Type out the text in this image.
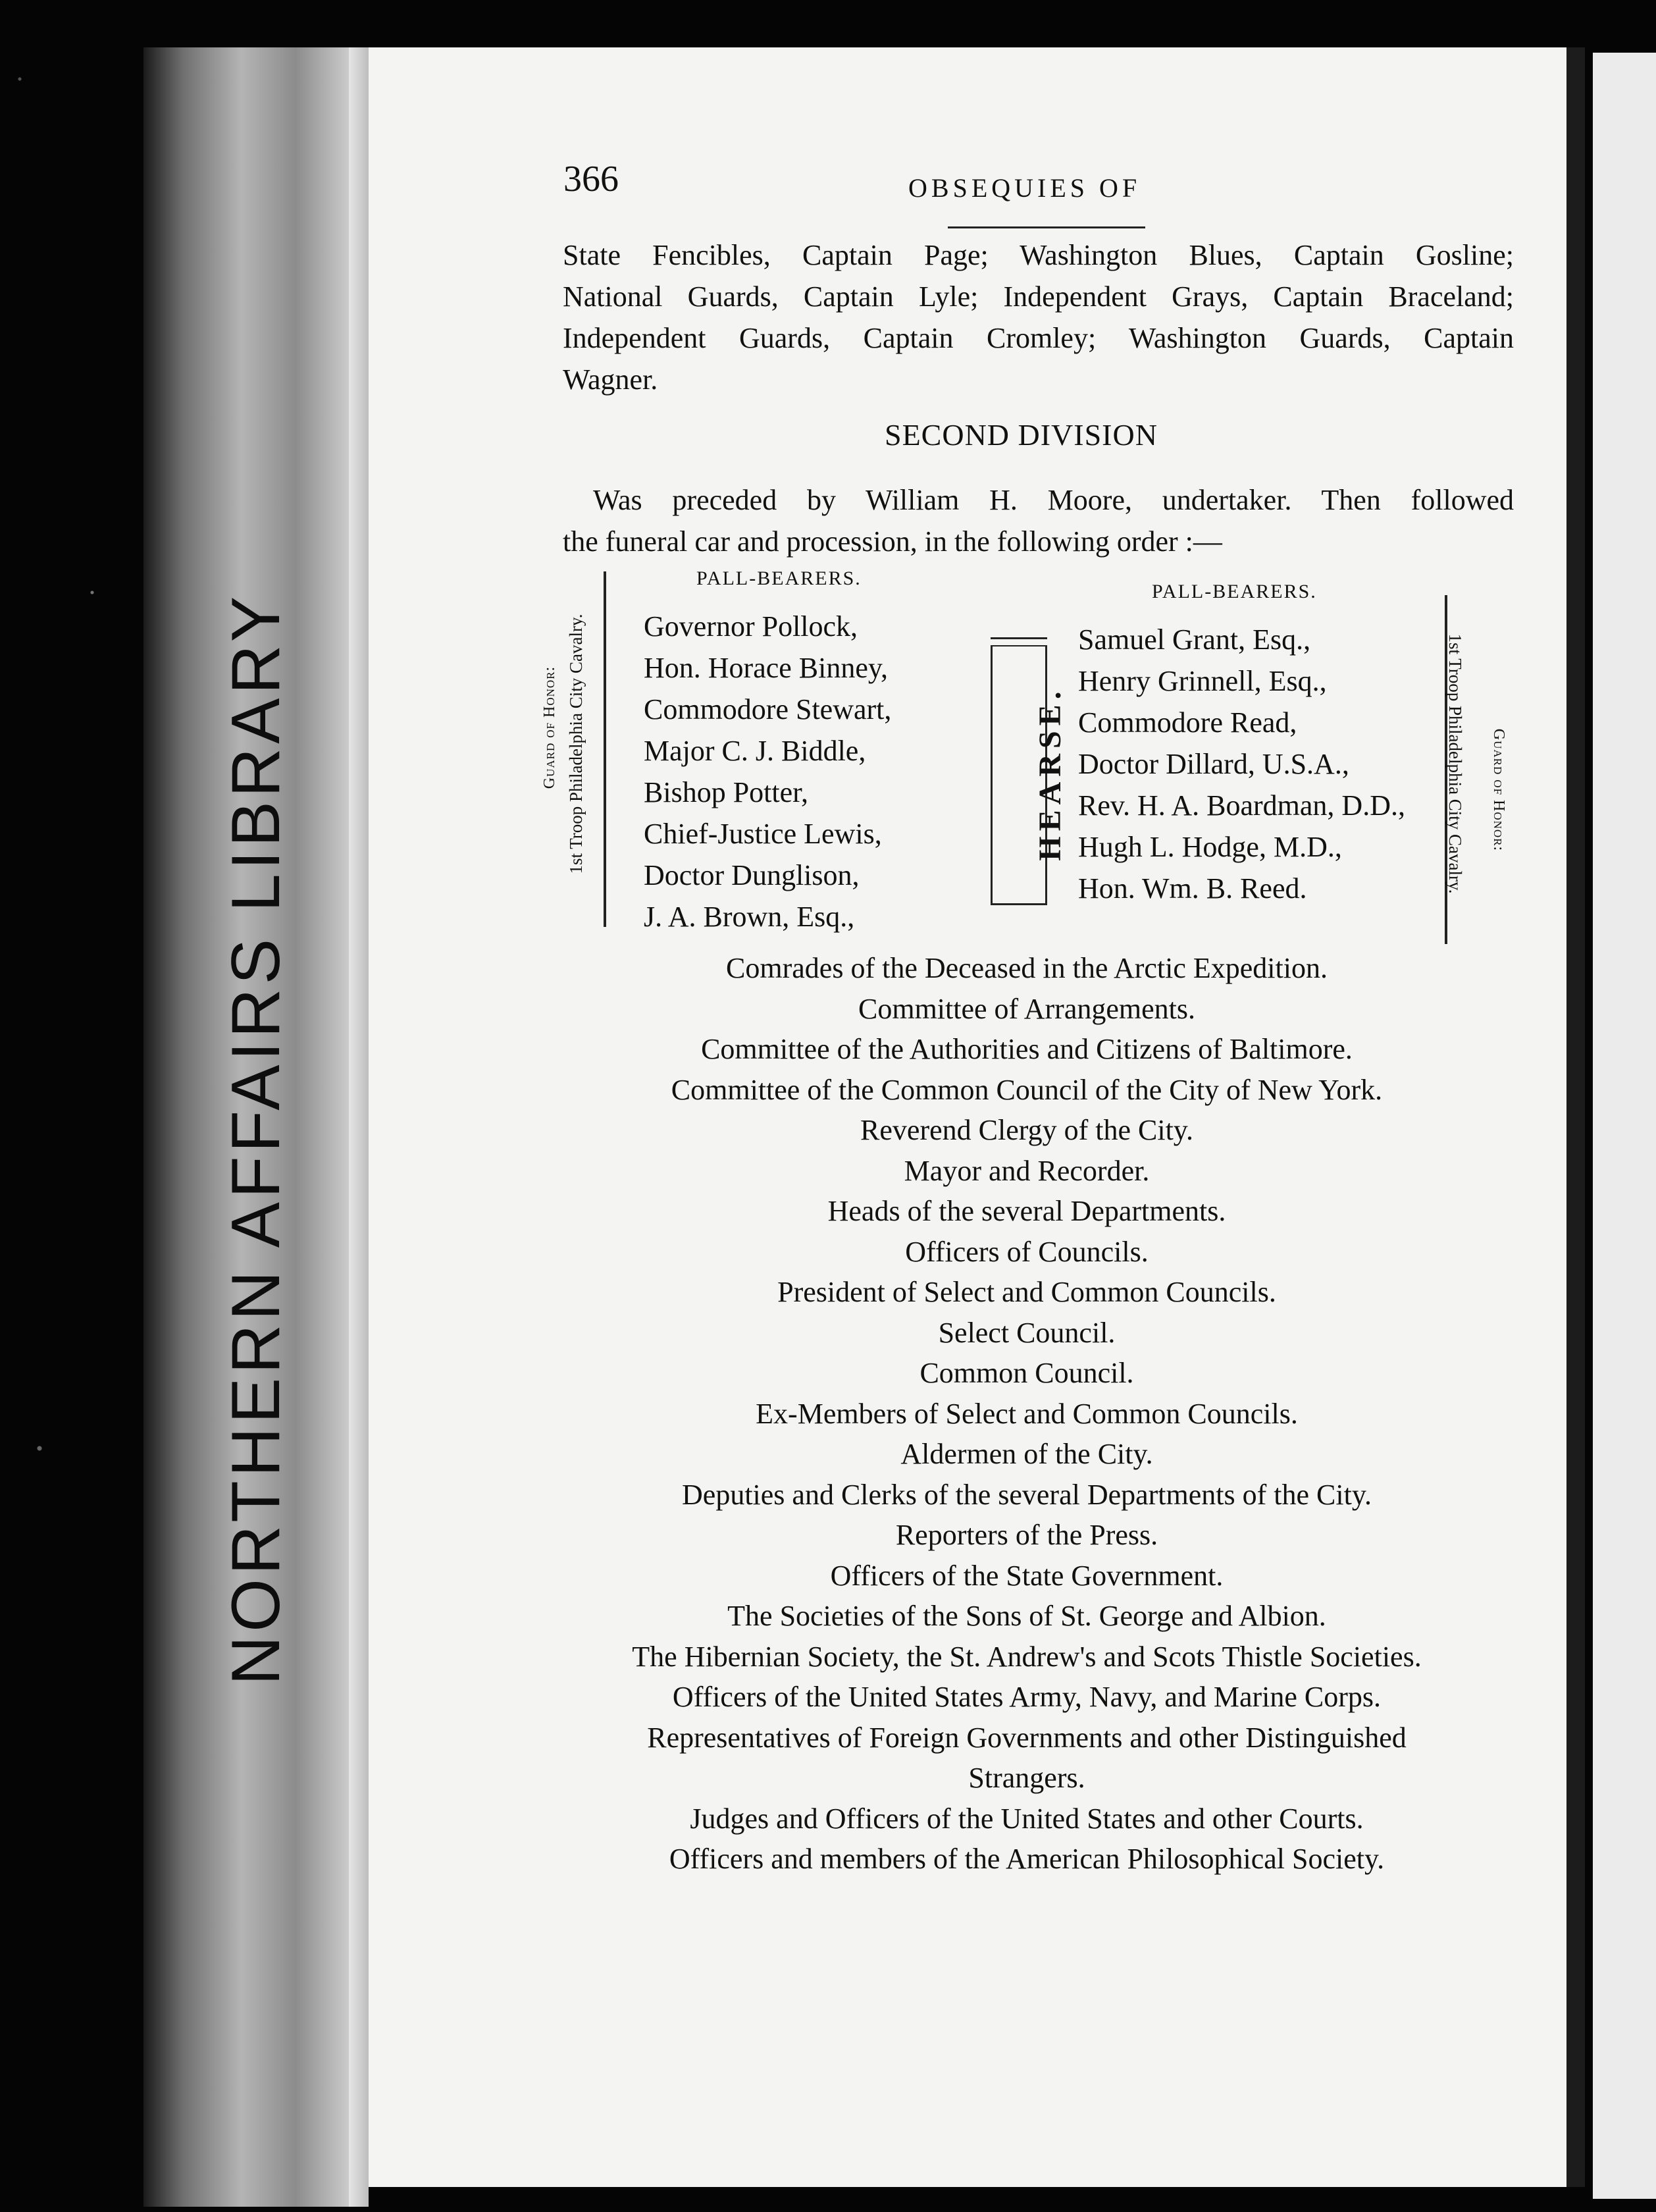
NORTHERN AFFAIRS LIBRARY
366	OBSEQUIES OF
State Fencibles, Captain Page; Washington Blues, Captain Gosline;
National Guards, Captain Lyle; Independent Grays, Captain Braceland;
Independent Guards, Captain Cromley; Washington Guards, Captain
Wagner.
SECOND DIVISION
Was preceded by William H. Moore, undertaker. Then followed
the funeral car and procession, in the following order :—
Guard of Honor: 1st Troop Philadelphia City Cavalry.
PALL-BEARERS.
Governor Pollock,
Hon. Horace Binney,
Commodore Stewart,
Major C. J. Biddle,
Bishop Potter,
Chief-Justice Lewis,
Doctor Dunglison,
J. A. Brown, Esq.,
HEARSE.
PALL-BEARERS.
Samuel Grant, Esq.,
Henry Grinnell, Esq.,
Commodore Read,
Doctor Dillard, U.S.A.,
Rev. H. A. Boardman, D.D.,
Hugh L. Hodge, M.D.,
Hon. Wm. B. Reed.	1st Troop Philadelphia City Cavalry. Guard of Honor:
Comrades of the Deceased in the Arctic Expedition.
Committee of Arrangements.
Committee of the Authorities and Citizens of Baltimore.
Committee of the Common Council of the City of New York.
Reverend Clergy of the City.
Mayor and Recorder.
Heads of the several Departments.
Officers of Councils.
President of Select and Common Councils.
Select Council.
Common Council.
Ex-Members of Select and Common Councils.
Aldermen of the City.
Deputies and Clerks of the several Departments of the City.
Reporters of the Press.
Officers of the State Government.
The Societies of the Sons of St. George and Albion.
The Hibernian Society, the St. Andrew's and Scots Thistle Societies.
Officers of the United States Army, Navy, and Marine Corps.
Representatives of Foreign Governments and other Distinguished
Strangers.
Judges and Officers of the United States and other Courts.
Officers and members of the American Philosophical Society.
